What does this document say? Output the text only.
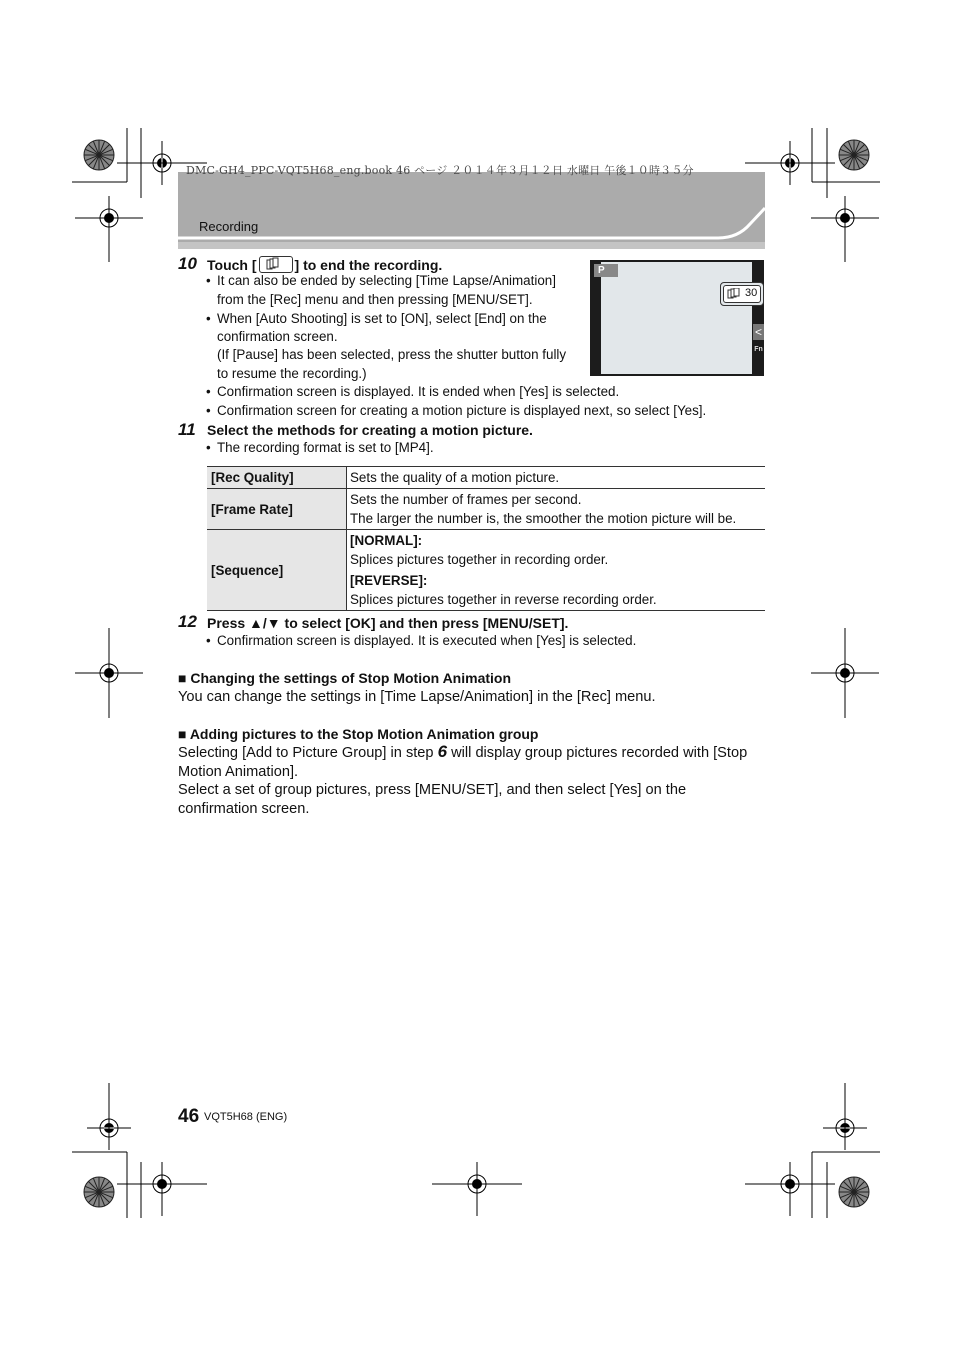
DMC-GH4_PPC-VQT5H68_eng.book 46 ページ ２０１４年３月１２日 水曜日 午後１０時３５分
Recording
10 Touch [	] to end the recording.
• It can also be ended by selecting [Time Lapse/Animation]
from the [Rec] menu and then pressing [MENU/SET].
• When [Auto Shooting] is set to [ON], select [End] on the
confirmation screen.
(If [Pause] has been selected, press the shutter button fully
to resume the recording.)
• Confirmation screen is displayed. It is ended when [Yes] is selected.
• Confirmation screen for creating a motion picture is displayed next, so select [Yes].
P
30
<
Fn
11 Select the methods for creating a motion picture.
• The recording format is set to [MP4].
[Rec Quality]	Sets the quality of a motion picture.

[Frame Rate]	Sets the number of frames per second.
The larger the number is, the smoother the motion picture will be.

[Sequence]	[NORMAL]:
Splices pictures together in recording order.
[REVERSE]:
Splices pictures together in reverse recording order.
12 Press ▲/▼ to select [OK] and then press [MENU/SET].
• Confirmation screen is displayed. It is executed when [Yes] is selected.
■ Changing the settings of Stop Motion Animation
You can change the settings in [Time Lapse/Animation] in the [Rec] menu.
■ Adding pictures to the Stop Motion Animation group
Selecting [Add to Picture Group] in step 6 will display group pictures recorded with [Stop
Motion Animation].
Select a set of group pictures, press [MENU/SET], and then select [Yes] on the
confirmation screen.
46 VQT5H68 (ENG)
